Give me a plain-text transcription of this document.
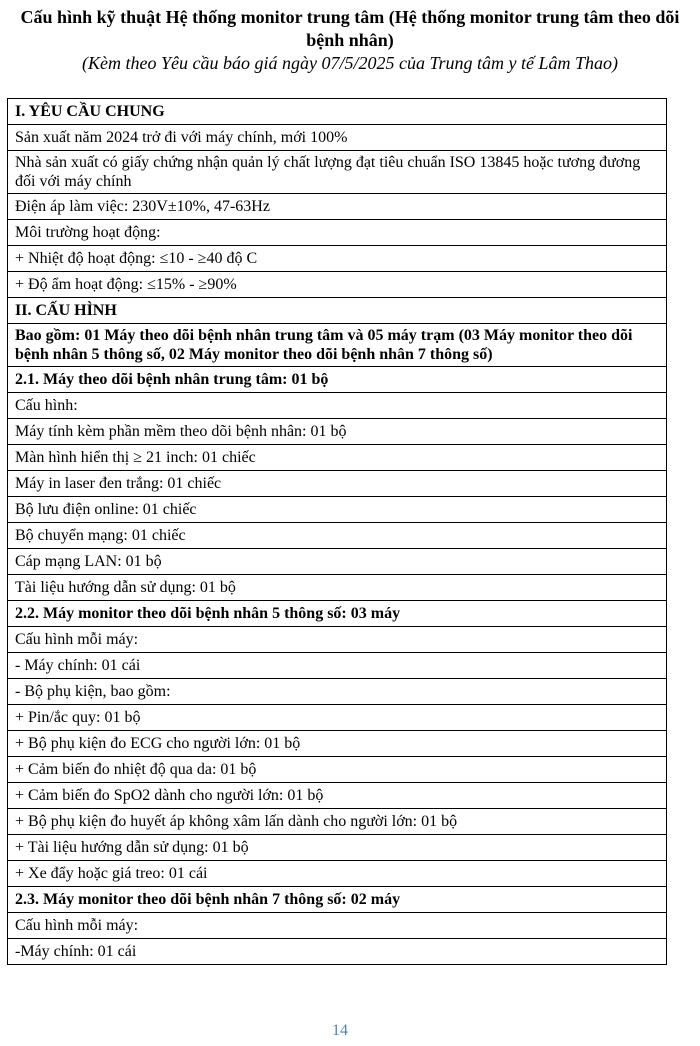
Cấu hình kỹ thuật Hệ thống monitor trung tâm (Hệ thống monitor trung tâm theo dõi bệnh nhân)
(Kèm theo Yêu cầu báo giá ngày 07/5/2025 của Trung tâm y tế Lâm Thao)
I. YÊU CẦU CHUNG
Sản xuất năm 2024 trở đi với máy chính, mới 100%
Nhà sản xuất có giấy chứng nhận quản lý chất lượng đạt tiêu chuẩn ISO 13845 hoặc tương đương đối với máy chính
Điện áp làm việc: 230V±10%, 47-63Hz
Môi trường hoạt động:
+ Nhiệt độ hoạt động: ≤10 - ≥40 độ C
+ Độ ẩm hoạt động: ≤15% - ≥90%
II. CẤU HÌNH
Bao gồm: 01 Máy theo dõi bệnh nhân trung tâm và 05 máy trạm (03 Máy monitor theo dõi bệnh nhân 5 thông số, 02 Máy monitor theo dõi bệnh nhân 7 thông số)
2.1. Máy theo dõi bệnh nhân trung tâm: 01 bộ
Cấu hình:
Máy tính kèm phần mềm theo dõi bệnh nhân: 01 bộ
Màn hình hiển thị ≥ 21 inch: 01 chiếc
Máy in laser đen trắng: 01 chiếc
Bộ lưu điện online: 01 chiếc
Bộ chuyển mạng: 01 chiếc
Cáp mạng LAN: 01 bộ
Tài liệu hướng dẫn sử dụng: 01 bộ
2.2. Máy monitor theo dõi bệnh nhân 5 thông số: 03 máy
Cấu hình mỗi máy:
- Máy chính: 01 cái
- Bộ phụ kiện, bao gồm:
+ Pin/ắc quy: 01 bộ
+ Bộ phụ kiện đo ECG cho người lớn: 01 bộ
+ Cảm biến đo nhiệt độ qua da: 01 bộ
+ Cảm biến đo SpO2 dành cho người lớn: 01 bộ
+ Bộ phụ kiện đo huyết áp không xâm lấn dành cho người lớn: 01 bộ
+ Tài liệu hướng dẫn sử dụng: 01 bộ
+ Xe đẩy hoặc giá treo: 01 cái
2.3. Máy monitor theo dõi bệnh nhân 7 thông số: 02 máy
Cấu hình mỗi máy:
-Máy chính: 01 cái
14
